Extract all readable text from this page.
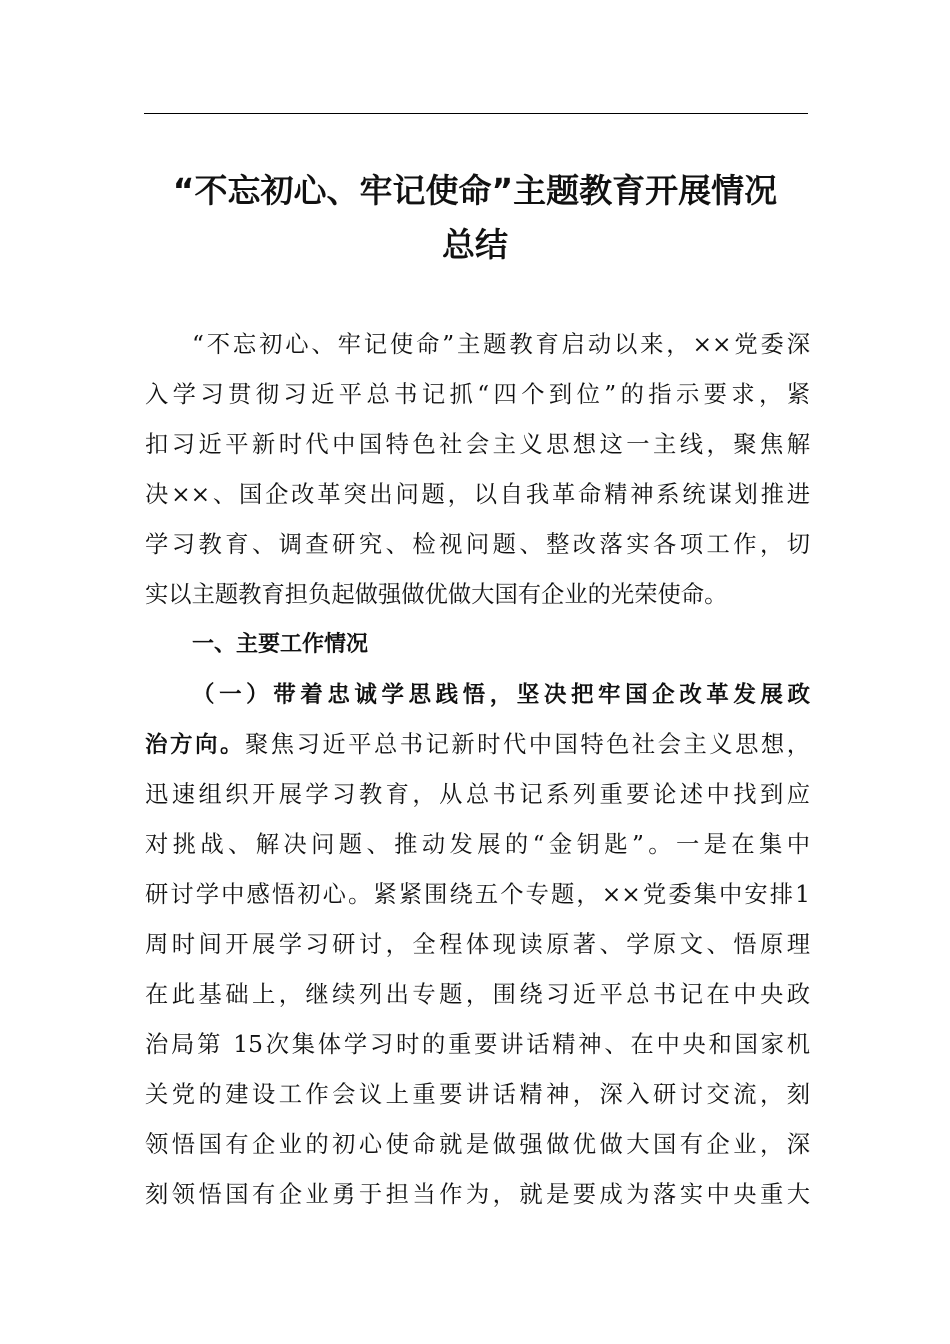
“不忘初心、牢记使命”主题教育开展情况
总结
“不忘初心、牢记使命”主题教育启动以来，××党委深
入学习贯彻习近平总书记抓“四个到位”的指示要求，紧
扣习近平新时代中国特色社会主义思想这一主线，聚焦解
决××、国企改革突出问题，以自我革命精神系统谋划推进
学习教育、调查研究、检视问题、整改落实各项工作，切
实以主题教育担负起做强做优做大国有企业的光荣使命。
一、主要工作情况
（一）带着忠诚学思践悟，坚决把牢国企改革发展政
治方向。聚焦习近平总书记新时代中国特色社会主义思想，
迅速组织开展学习教育，从总书记系列重要论述中找到应
对挑战、解决问题、推动发展的“金钥匙”。一是在集中
研讨学中感悟初心。紧紧围绕五个专题，××党委集中安排1
周时间开展学习研讨，全程体现读原著、学原文、悟原理
在此基础上，继续列出专题，围绕习近平总书记在中央政
治局第 15次集体学习时的重要讲话精神、在中央和国家机
关党的建设工作会议上重要讲话精神，深入研讨交流，刻
领悟国有企业的初心使命就是做强做优做大国有企业，深
刻领悟国有企业勇于担当作为，就是要成为落实中央重大
